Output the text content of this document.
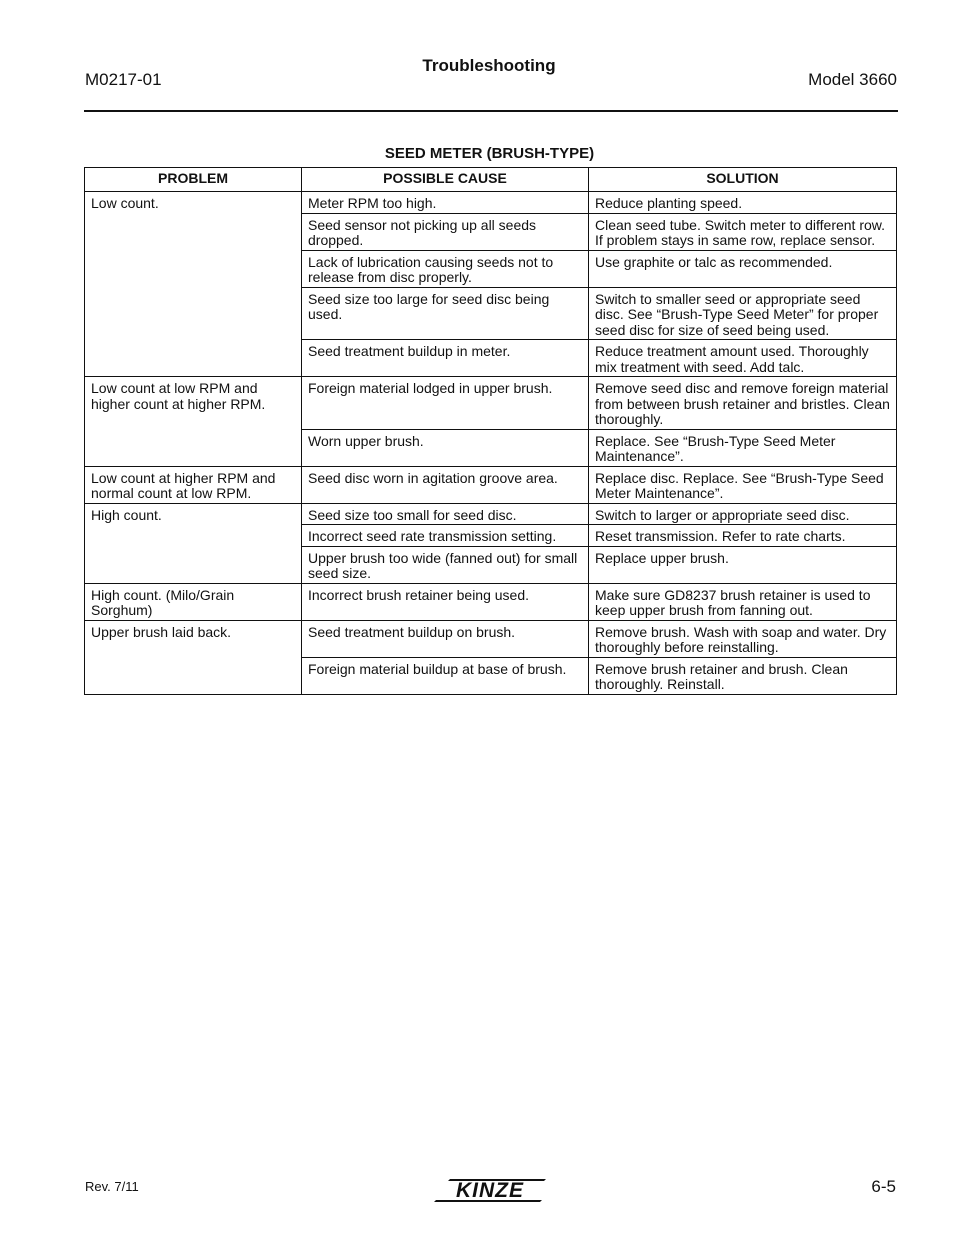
M0217-01
Troubleshooting
Model 3660
SEED METER (BRUSH-TYPE)
PROBLEM	POSSIBLE CAUSE	SOLUTION
Low count.	Meter RPM too high.	Reduce planting speed.
	Seed sensor not picking up all seeds dropped.	Clean seed tube. Switch meter to different row. If problem stays in same row, replace sensor.
	Lack of lubrication causing seeds not to release from disc properly.	Use graphite or talc as recommended.
	Seed size too large for seed disc being used.	Switch to smaller seed or appropriate seed disc. See “Brush-Type Seed Meter” for proper seed disc for size of seed being used.
	Seed treatment buildup in meter.	Reduce treatment amount used. Thoroughly mix treatment with seed. Add talc.
Low count at low RPM and higher count at higher RPM.	Foreign material lodged in upper brush.	Remove seed disc and remove foreign material from between brush retainer and bristles. Clean thoroughly.
	Worn upper brush.	Replace. See “Brush-Type Seed Meter Maintenance”.
Low count at higher RPM and normal count at low RPM.	Seed disc worn in agitation groove area.	Replace disc. Replace. See “Brush-Type Seed Meter Maintenance”.
High count.	Seed size too small for seed disc.	Switch to larger or appropriate seed disc.
	Incorrect seed rate transmission setting.	Reset transmission. Refer to rate charts.
	Upper brush too wide (fanned out) for small seed size.	Replace upper brush.
High count. (Milo/Grain Sorghum)	Incorrect brush retainer being used.	Make sure GD8237 brush retainer is used to keep upper brush from fanning out.
Upper brush laid back.	Seed treatment buildup on brush.	Remove brush. Wash with soap and water. Dry thoroughly before reinstalling.
	Foreign material buildup at base of brush.	Remove brush retainer and brush. Clean thoroughly. Reinstall.
Rev. 7/11	KINZE	6-5
